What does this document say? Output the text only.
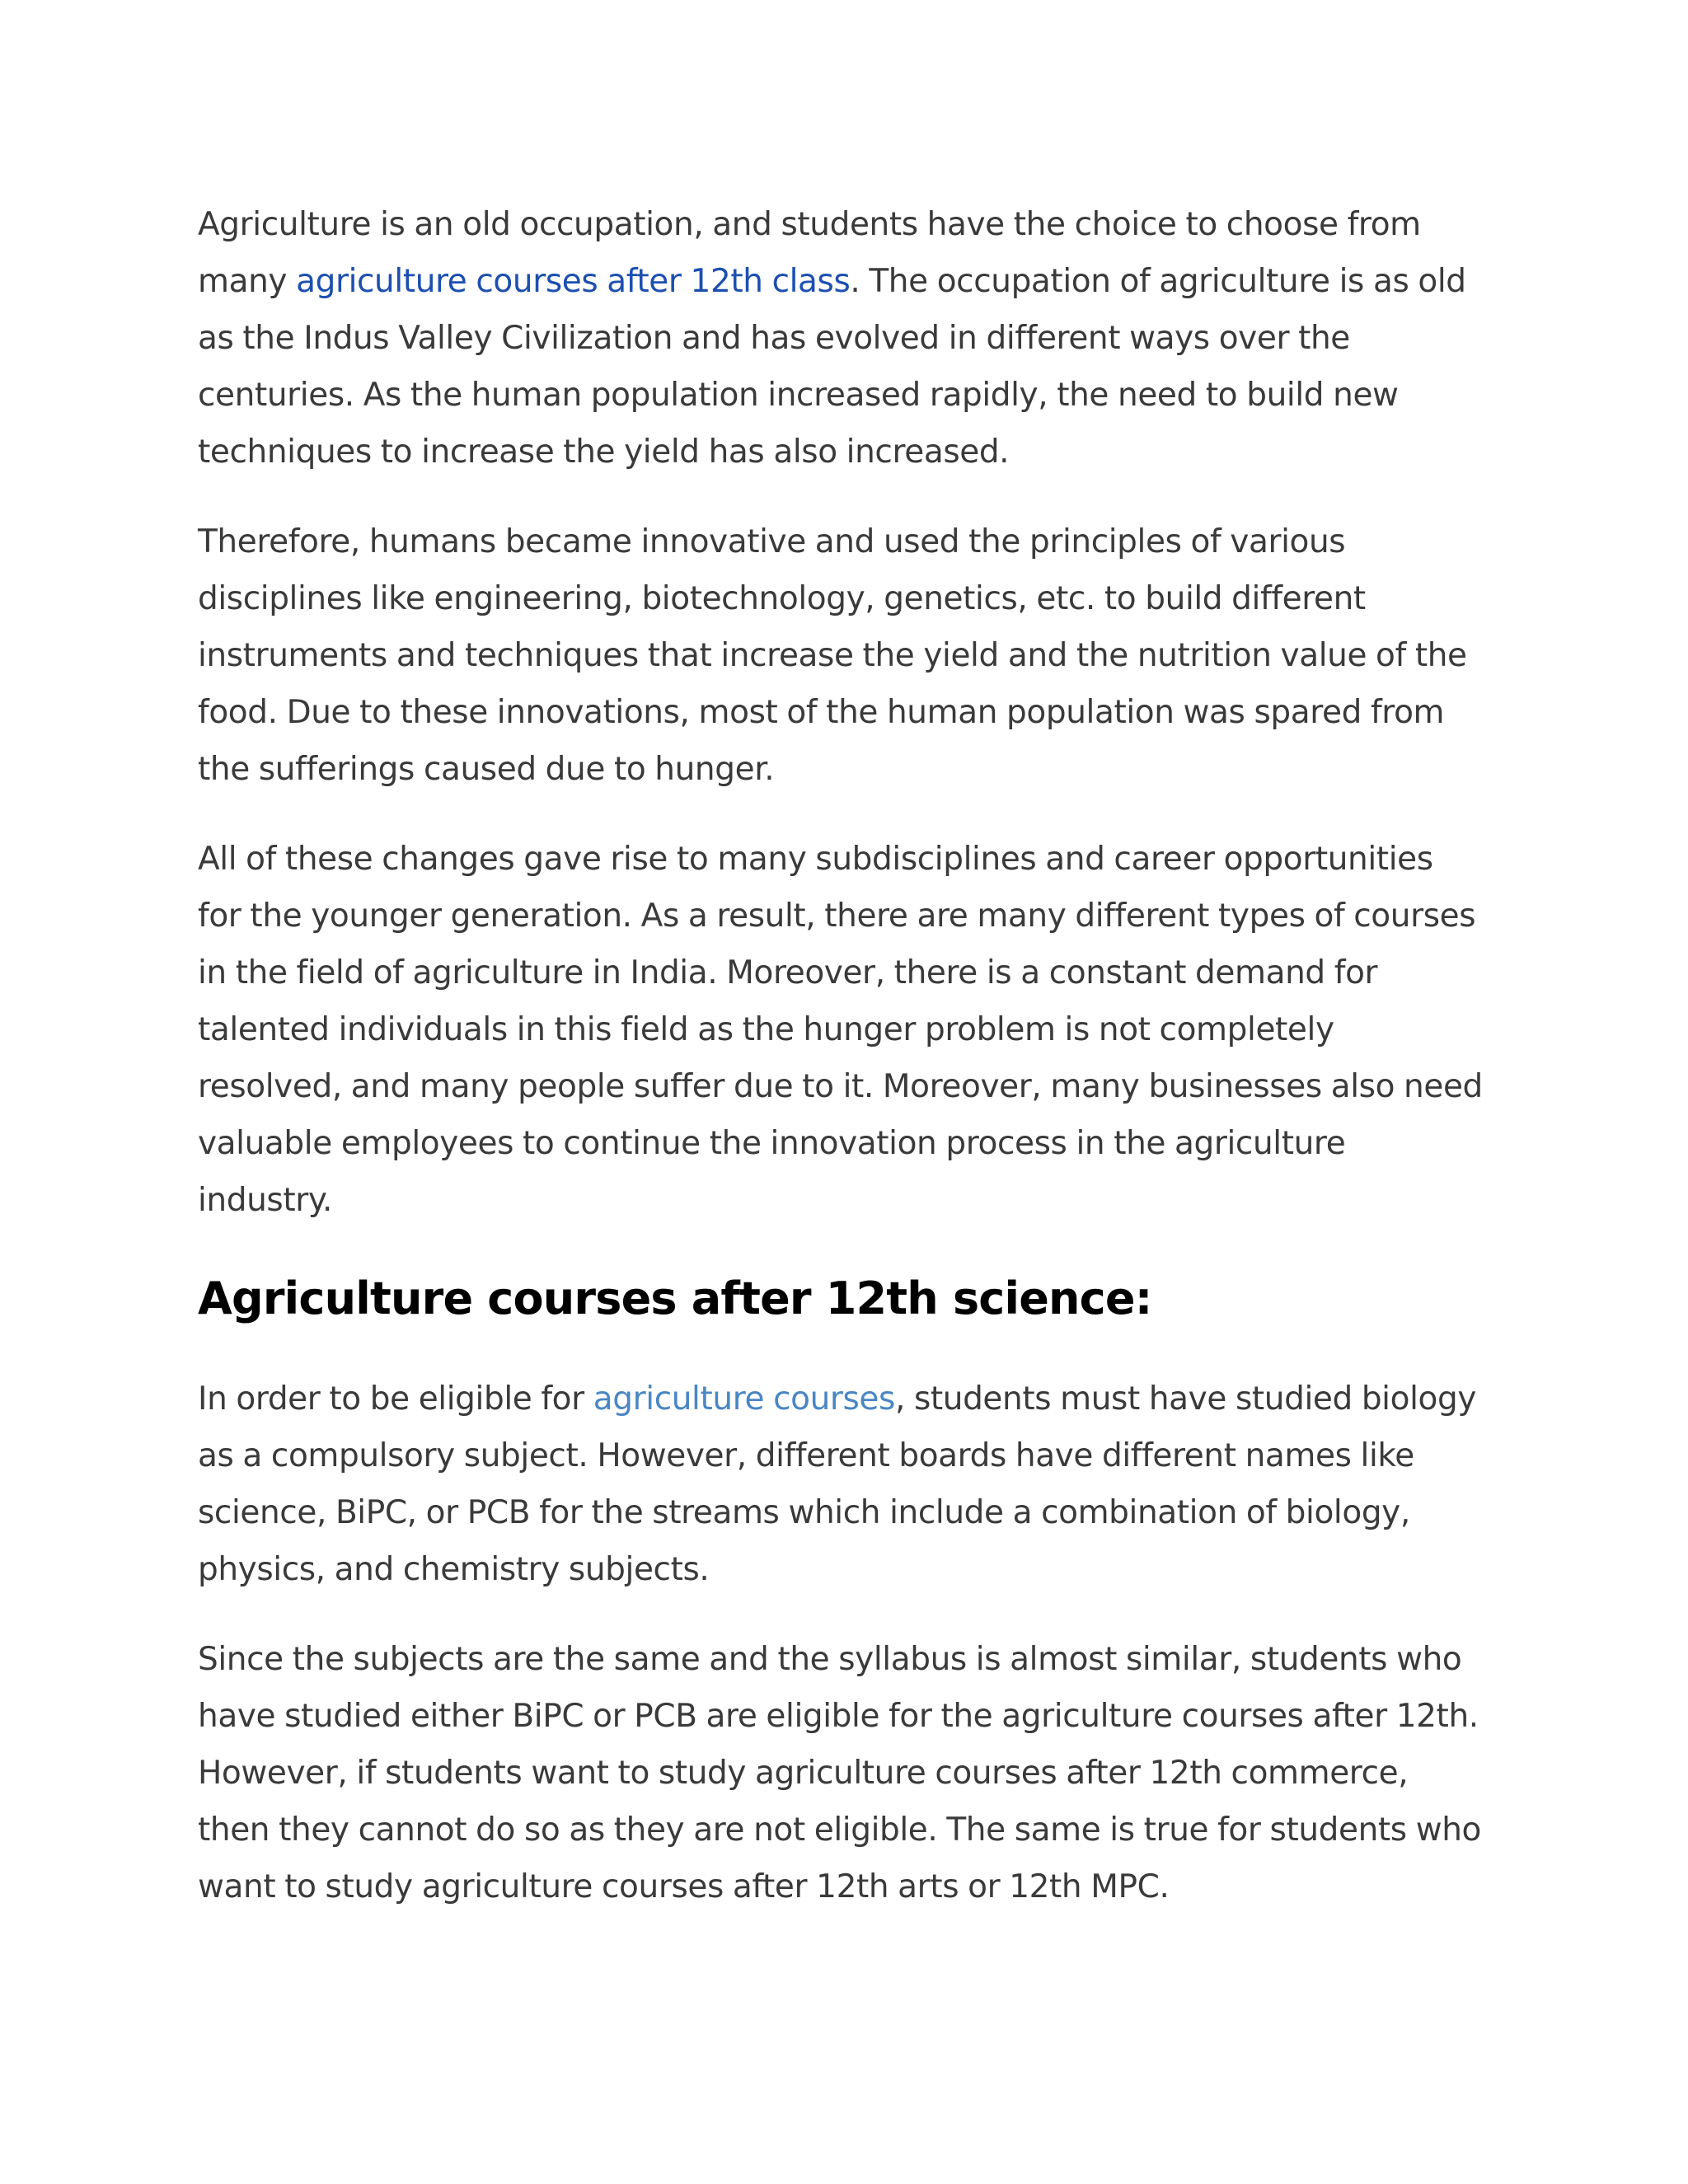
Agriculture is an old occupation, and students have the choice to choose from many agriculture courses after 12th class. The occupation of agriculture is as old as the Indus Valley Civilization and has evolved in different ways over the centuries. As the human population increased rapidly, the need to build new techniques to increase the yield has also increased.

Therefore, humans became innovative and used the principles of various disciplines like engineering, biotechnology, genetics, etc. to build different instruments and techniques that increase the yield and the nutrition value of the food. Due to these innovations, most of the human population was spared from the sufferings caused due to hunger.

All of these changes gave rise to many subdisciplines and career opportunities for the younger generation. As a result, there are many different types of courses in the field of agriculture in India. Moreover, there is a constant demand for talented individuals in this field as the hunger problem is not completely resolved, and many people suffer due to it. Moreover, many businesses also need valuable employees to continue the innovation process in the agriculture industry.

Agriculture courses after 12th science:

In order to be eligible for agriculture courses, students must have studied biology as a compulsory subject. However, different boards have different names like science, BiPC, or PCB for the streams which include a combination of biology, physics, and chemistry subjects.

Since the subjects are the same and the syllabus is almost similar, students who have studied either BiPC or PCB are eligible for the agriculture courses after 12th. However, if students want to study agriculture courses after 12th commerce, then they cannot do so as they are not eligible. The same is true for students who want to study agriculture courses after 12th arts or 12th MPC.
